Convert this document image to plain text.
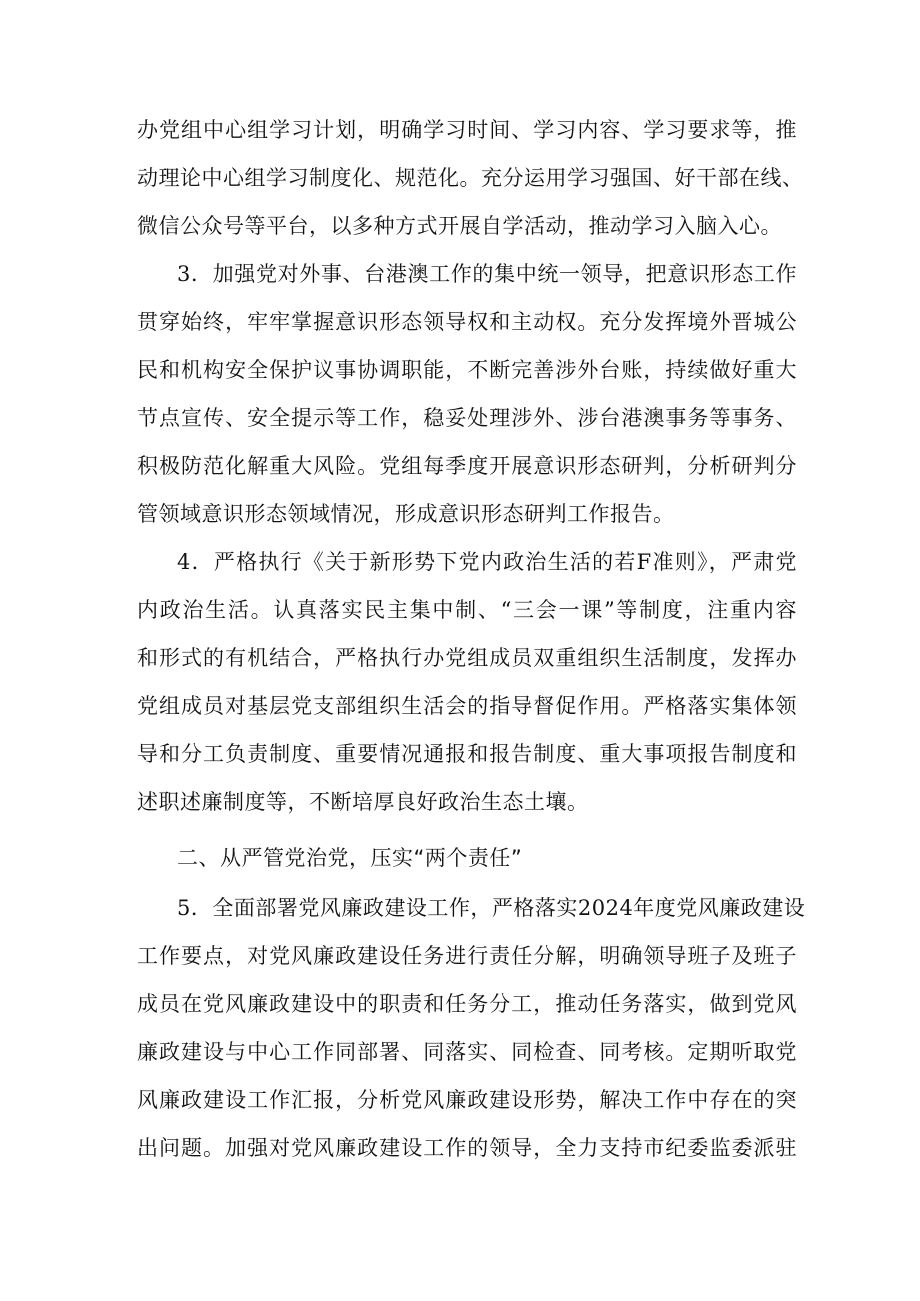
办党组中心组学习计划，明确学习时间、学习内容、学习要求等，推
动理论中心组学习制度化、规范化。充分运用学习强国、好干部在线、
微信公众号等平台，以多种方式开展自学活动，推动学习入脑入心。
3．加强党对外事、台港澳工作的集中统一领导，把意识形态工作
贯穿始终，牢牢掌握意识形态领导权和主动权。充分发挥境外晋城公
民和机构安全保护议事协调职能，不断完善涉外台账，持续做好重大
节点宣传、安全提示等工作，稳妥处理涉外、涉台港澳事务等事务、
积极防范化解重大风险。党组每季度开展意识形态研判，分析研判分
管领域意识形态领域情况，形成意识形态研判工作报告。
4．严格执行《关于新形势下党内政治生活的若F准则》，严肃党
内政治生活。认真落实民主集中制、“三会一课”等制度，注重内容
和形式的有机结合，严格执行办党组成员双重组织生活制度，发挥办
党组成员对基层党支部组织生活会的指导督促作用。严格落实集体领
导和分工负责制度、重要情况通报和报告制度、重大事项报告制度和
述职述廉制度等，不断培厚良好政治生态土壤。
二、从严管党治党，压实“两个责任”
5．全面部署党风廉政建设工作，严格落实2024年度党风廉政建设
工作要点，对党风廉政建设任务进行责任分解，明确领导班子及班子
成员在党风廉政建设中的职责和任务分工，推动任务落实，做到党风
廉政建设与中心工作同部署、同落实、同检查、同考核。定期听取党
风廉政建设工作汇报，分析党风廉政建设形势，解决工作中存在的突
出问题。加强对党风廉政建设工作的领导，全力支持市纪委监委派驻
